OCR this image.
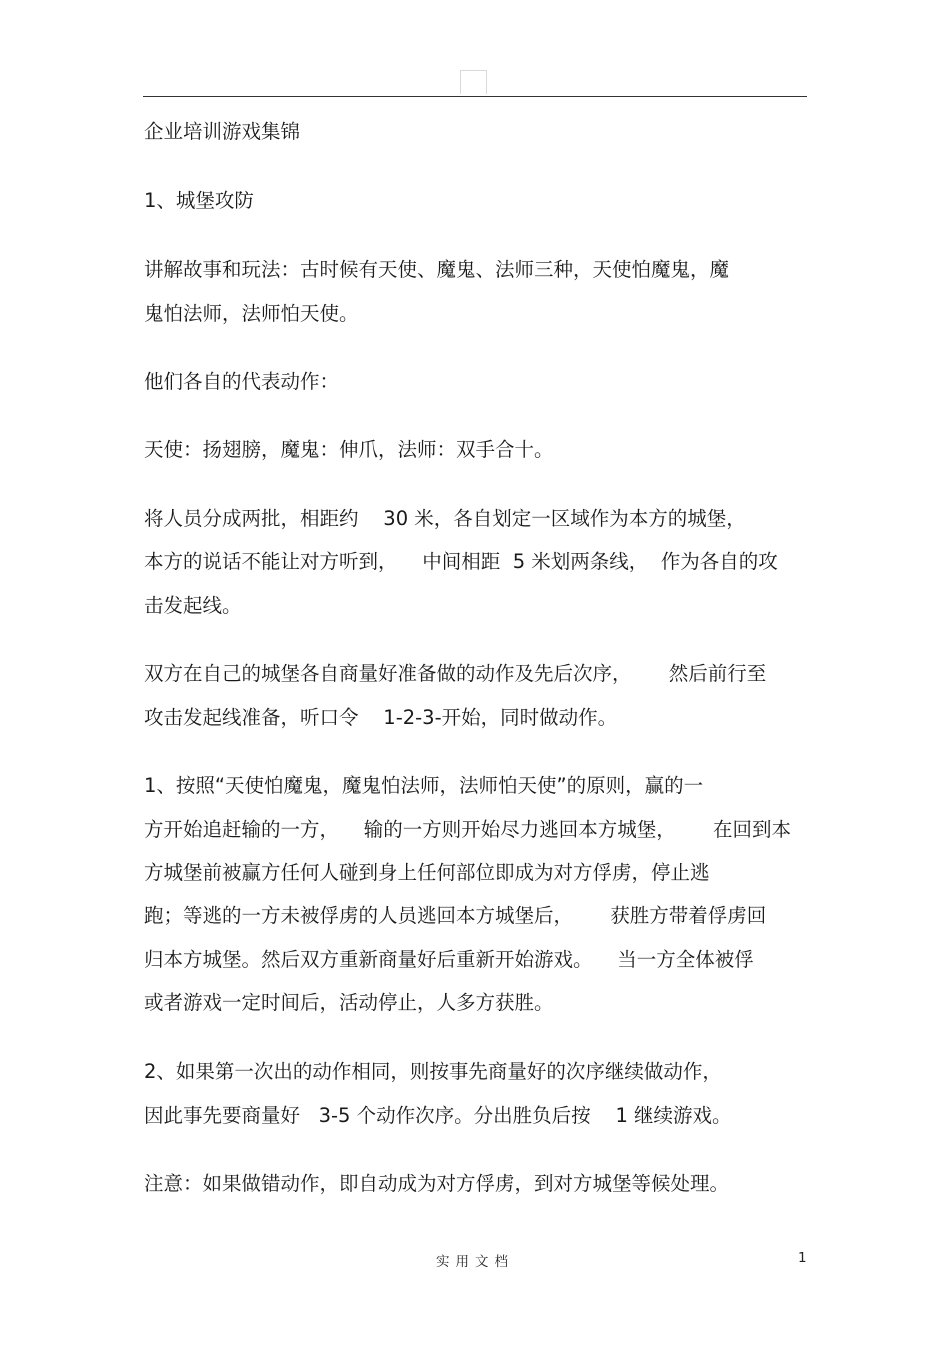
企业培训游戏集锦
1、城堡攻防
讲解故事和玩法：古时候有天使、魔鬼、法师三种，天使怕魔鬼，魔
鬼怕法师，法师怕天使。
他们各自的代表动作：
天使：扬翅膀，魔鬼：伸爪，法师：双手合十。
将人员分成两批，相距约    30 米，各自划定一区域作为本方的城堡，
本方的说话不能让对方听到，    中间相距  5 米划两条线，  作为各自的攻
击发起线。
双方在自己的城堡各自商量好准备做的动作及先后次序，      然后前行至
攻击发起线准备，听口令    1-2-3-开始，同时做动作。
1、按照“天使怕魔鬼，魔鬼怕法师，法师怕天使”的原则，赢的一
方开始追赶输的一方，    输的一方则开始尽力逃回本方城堡，      在回到本
方城堡前被赢方任何人碰到身上任何部位即成为对方俘虏，停止逃
跑；等逃的一方未被俘虏的人员逃回本方城堡后，      获胜方带着俘虏回
归本方城堡。然后双方重新商量好后重新开始游戏。    当一方全体被俘
或者游戏一定时间后，活动停止，人多方获胜。
2、如果第一次出的动作相同，则按事先商量好的次序继续做动作，
因此事先要商量好   3-5 个动作次序。分出胜负后按    1 继续游戏。
注意：如果做错动作，即自动成为对方俘虏，到对方城堡等候处理。
实用文档	1
